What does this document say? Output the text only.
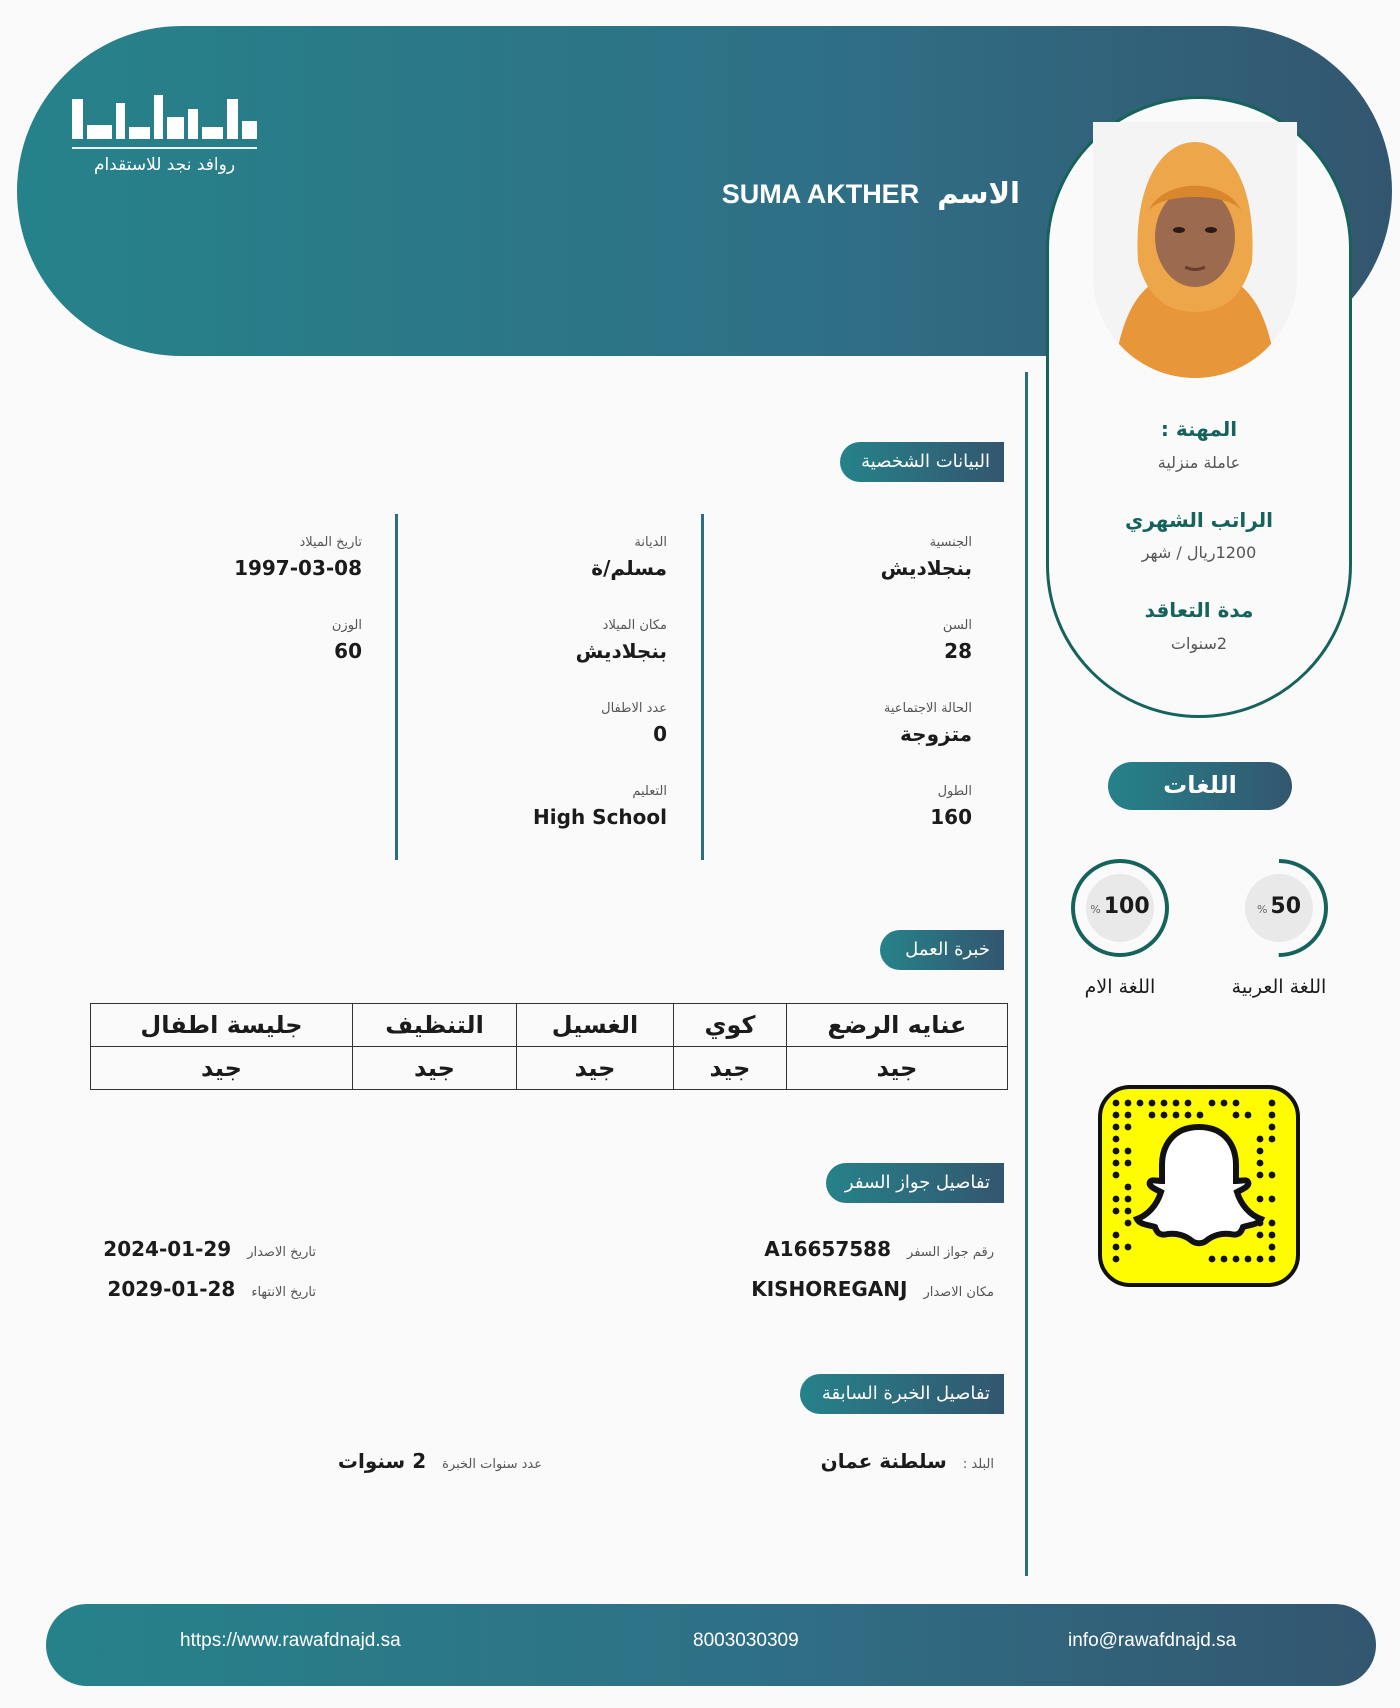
روافد نجد للاستقدام
الاسم
SUMA AKTHER
المهنة :
عاملة منزلية
الراتب الشهري
1200ريال / شهر
مدة التعاقد
2سنوات
اللغات
% 50
اللغة العربية
% 100
اللغة الام
البيانات الشخصية
خبرة العمل
تفاصيل جواز السفر
تفاصيل الخبرة السابقة
الجنسية
بنجلاديش
السن
28
الحالة الاجتماعية
متزوجة
الطول
160
الديانة
مسلم/ة
مكان الميلاد
بنجلاديش
عدد الاطفال
0
التعليم
High School
تاريخ الميلاد
1997-03-08
الوزن
60
عنايه الرضع	كوي	الغسيل	التنظيف	جليسة اطفال
جيد	جيد	جيد	جيد	جيد
رقم جواز السفر
A16657588
مكان الاصدار
KISHOREGANJ
تاريخ الاصدار
2024-01-29
تاريخ الانتهاء
2029-01-28
البلد :
سلطنة عمان
عدد سنوات الخبرة
2 سنوات
https://www.rawafdnajd.sa	8003030309	info@rawafdnajd.sa
